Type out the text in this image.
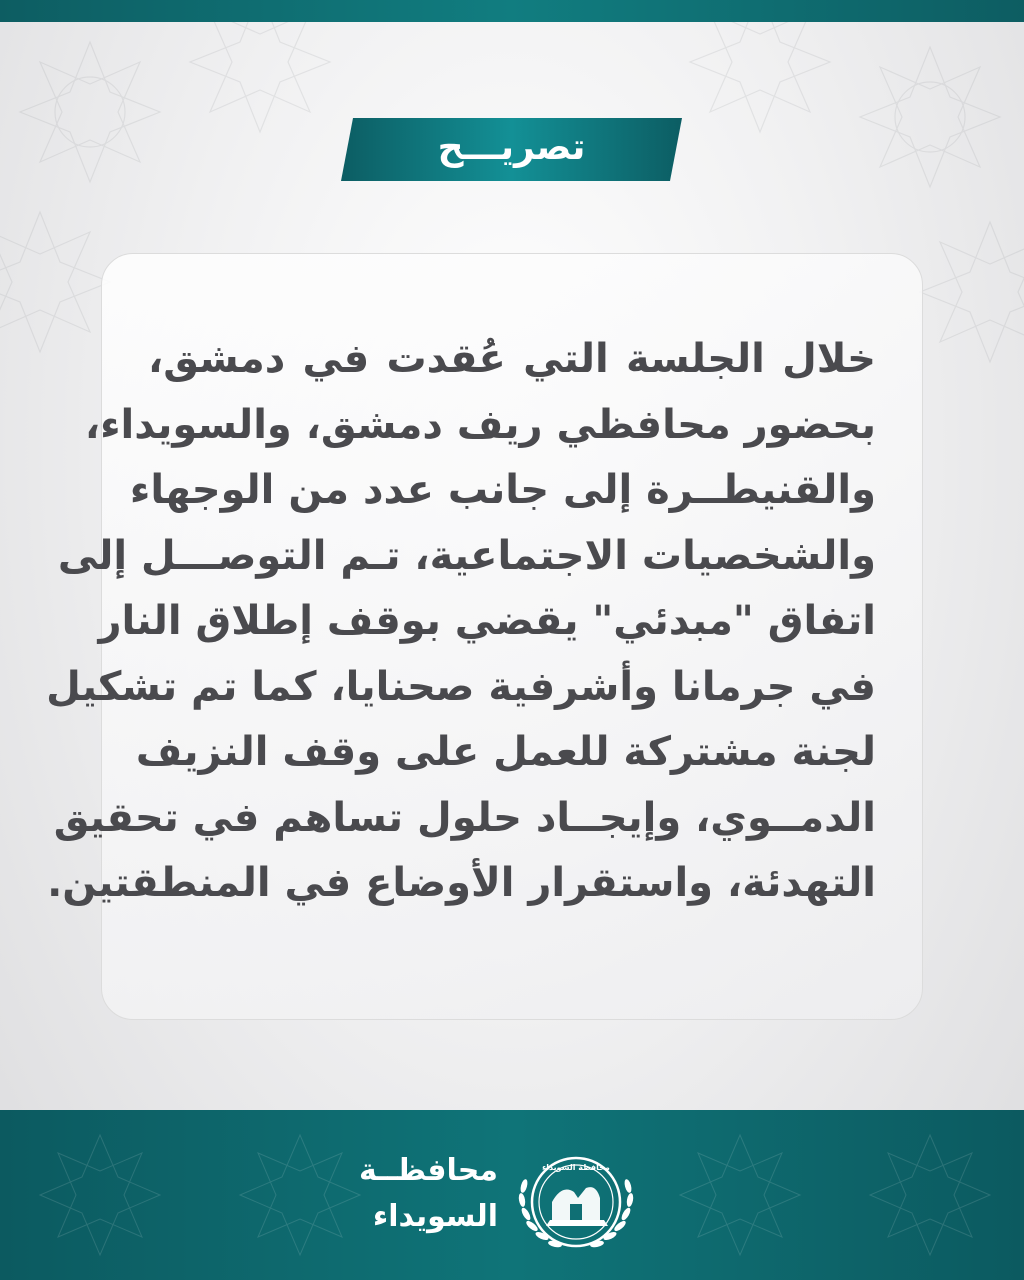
تصريـــح
خلال الجلسة التي عُقدت في دمشق،
بحضور محافظي ريف دمشق، والسويداء،
والقنيطــرة إلى جانب عدد من الوجهاء
والشخصيات الاجتماعية، تـم التوصـــل إلى
اتفاق "مبدئي" يقضي بوقف إطلاق النار
في جرمانا وأشرفية صحنايا، كما تم تشكيل
لجنة مشتركة للعمل على وقف النزيف
الدمــوي، وإيجــاد حلول تساهم في تحقيق
التهدئة، واستقرار الأوضاع في المنطقتين.
محافظــة
السويداء
محافظة السويداء
